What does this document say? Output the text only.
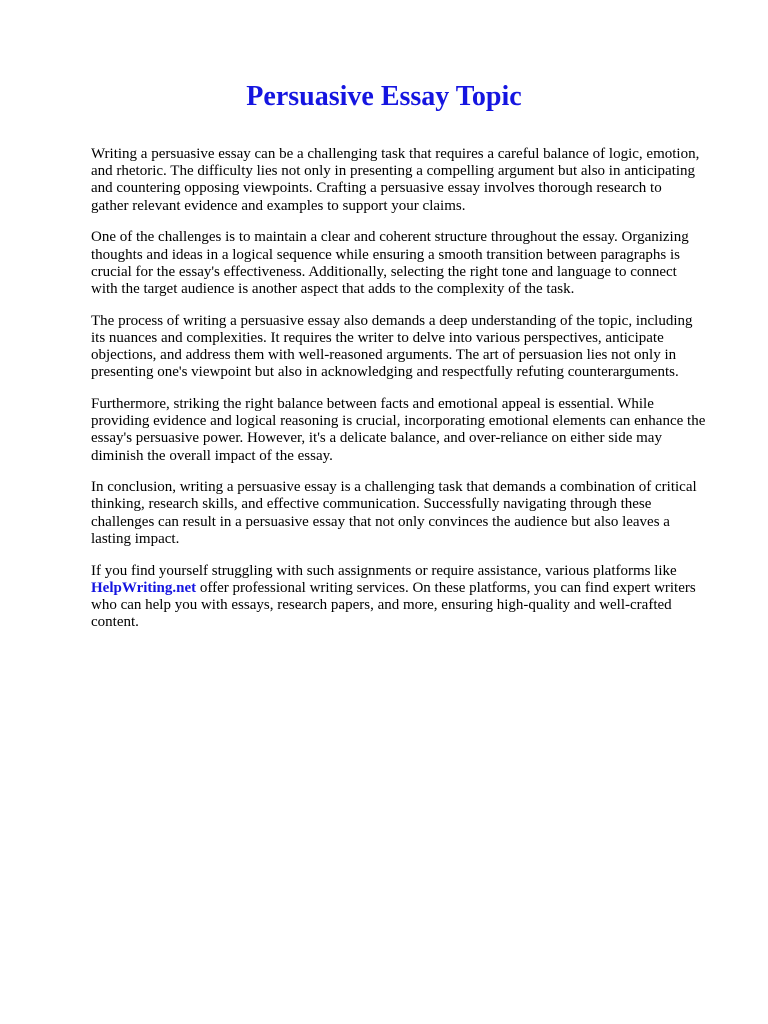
Persuasive Essay Topic

Writing a persuasive essay can be a challenging task that requires a careful balance of logic, emotion,
and rhetoric. The difficulty lies not only in presenting a compelling argument but also in anticipating
and countering opposing viewpoints. Crafting a persuasive essay involves thorough research to
gather relevant evidence and examples to support your claims.

One of the challenges is to maintain a clear and coherent structure throughout the essay. Organizing
thoughts and ideas in a logical sequence while ensuring a smooth transition between paragraphs is
crucial for the essay's effectiveness. Additionally, selecting the right tone and language to connect
with the target audience is another aspect that adds to the complexity of the task.

The process of writing a persuasive essay also demands a deep understanding of the topic, including
its nuances and complexities. It requires the writer to delve into various perspectives, anticipate
objections, and address them with well-reasoned arguments. The art of persuasion lies not only in
presenting one's viewpoint but also in acknowledging and respectfully refuting counterarguments.

Furthermore, striking the right balance between facts and emotional appeal is essential. While
providing evidence and logical reasoning is crucial, incorporating emotional elements can enhance the
essay's persuasive power. However, it's a delicate balance, and over-reliance on either side may
diminish the overall impact of the essay.

In conclusion, writing a persuasive essay is a challenging task that demands a combination of critical
thinking, research skills, and effective communication. Successfully navigating through these
challenges can result in a persuasive essay that not only convinces the audience but also leaves a
lasting impact.

If you find yourself struggling with such assignments or require assistance, various platforms like
HelpWriting.net offer professional writing services. On these platforms, you can find expert writers
who can help you with essays, research papers, and more, ensuring high-quality and well-crafted
content.
